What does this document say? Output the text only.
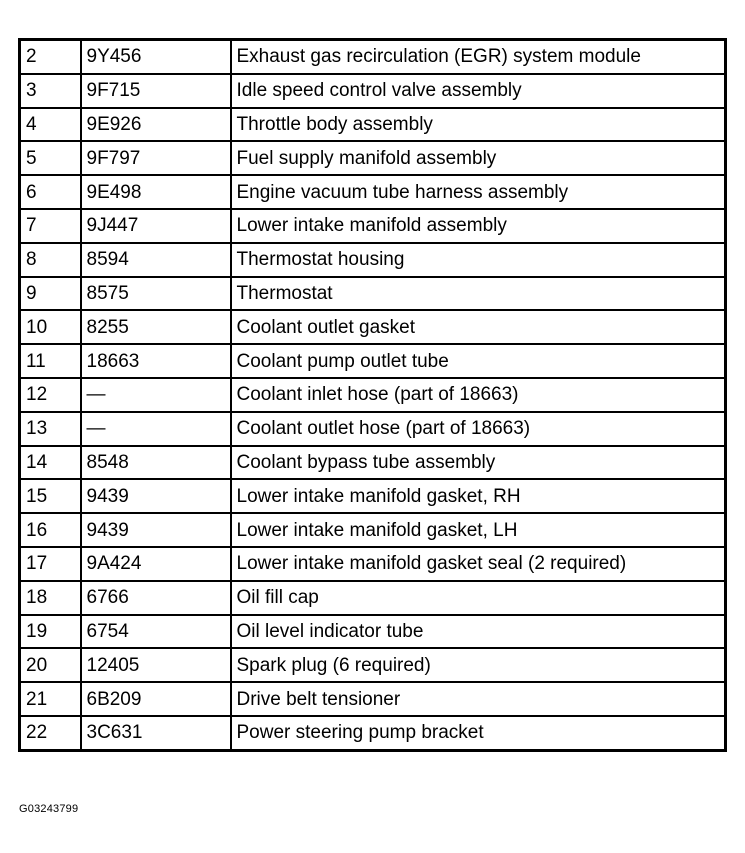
2	9Y456	Exhaust gas recirculation (EGR) system module
3	9F715	Idle speed control valve assembly
4	9E926	Throttle body assembly
5	9F797	Fuel supply manifold assembly
6	9E498	Engine vacuum tube harness assembly
7	9J447	Lower intake manifold assembly
8	8594	Thermostat housing
9	8575	Thermostat
10	8255	Coolant outlet gasket
11	18663	Coolant pump outlet tube
12	—	Coolant inlet hose (part of 18663)
13	—	Coolant outlet hose (part of 18663)
14	8548	Coolant bypass tube assembly
15	9439	Lower intake manifold gasket, RH
16	9439	Lower intake manifold gasket, LH
17	9A424	Lower intake manifold gasket seal (2 required)
18	6766	Oil fill cap
19	6754	Oil level indicator tube
20	12405	Spark plug (6 required)
21	6B209	Drive belt tensioner
22	3C631	Power steering pump bracket
G03243799
